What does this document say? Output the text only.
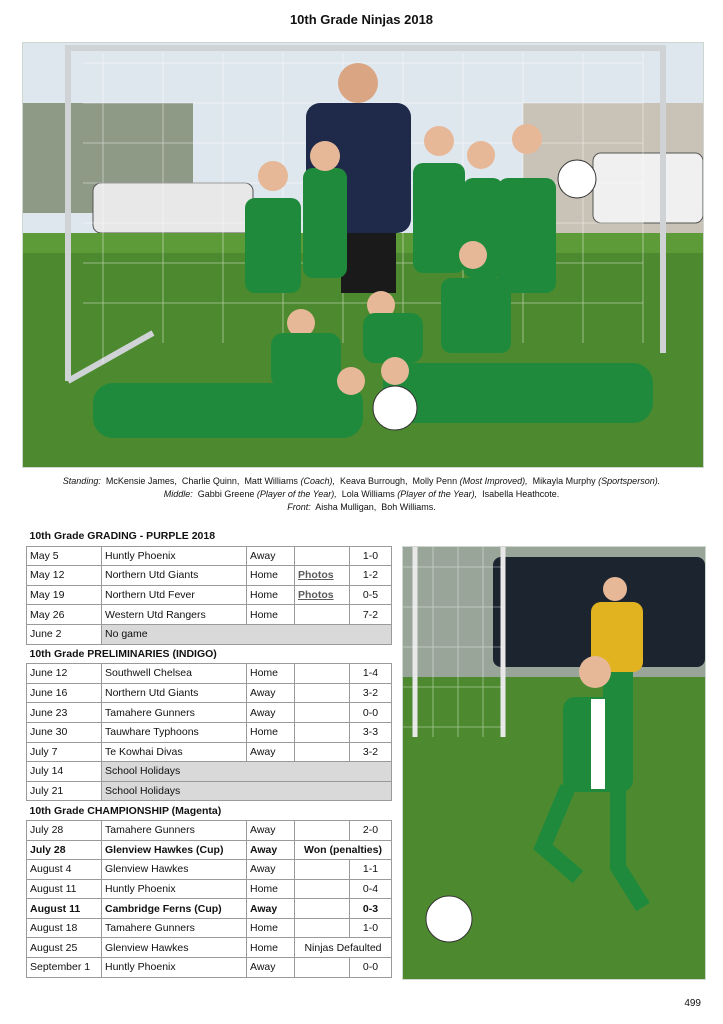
10th Grade Ninjas 2018
Standing: McKensie James, Charlie Quinn, Matt Williams (Coach), Keava Burrough, Molly Penn (Most Improved), Mikayla Murphy (Sportsperson).
Middle: Gabbi Greene (Player of the Year), Lola Williams (Player of the Year), Isabella Heathcote.
Front: Aisha Mulligan, Boh Williams.
10th Grade GRADING - PURPLE 2018				
May 5	Huntly Phoenix	Away		1-0
May 12	Northern Utd Giants	Home	Photos	1-2
May 19	Northern Utd Fever	Home	Photos	0-5
May 26	Western Utd Rangers	Home		7-2
June 2	No game			
10th Grade PRELIMINARIES (INDIGO)				
June 12	Southwell Chelsea	Home		1-4
June 16	Northern Utd Giants	Away		3-2
June 23	Tamahere Gunners	Away		0-0
June 30	Tauwhare Typhoons	Home		3-3
July 7	Te Kowhai Divas	Away		3-2
July 14	School Holidays			
July 21	School Holidays			
10th Grade CHAMPIONSHIP (Magenta)				
July 28	Tamahere Gunners	Away		2-0
July 28	Glenview Hawkes (Cup)	Away	Won (penalties)	
August 4	Glenview Hawkes	Away		1-1
August 11	Huntly Phoenix	Home		0-4
August 11	Cambridge Ferns (Cup)	Away		0-3
August 18	Tamahere Gunners	Home		1-0
August 25	Glenview Hawkes	Home	Ninjas Defaulted	
September 1	Huntly Phoenix	Away		0-0
499
